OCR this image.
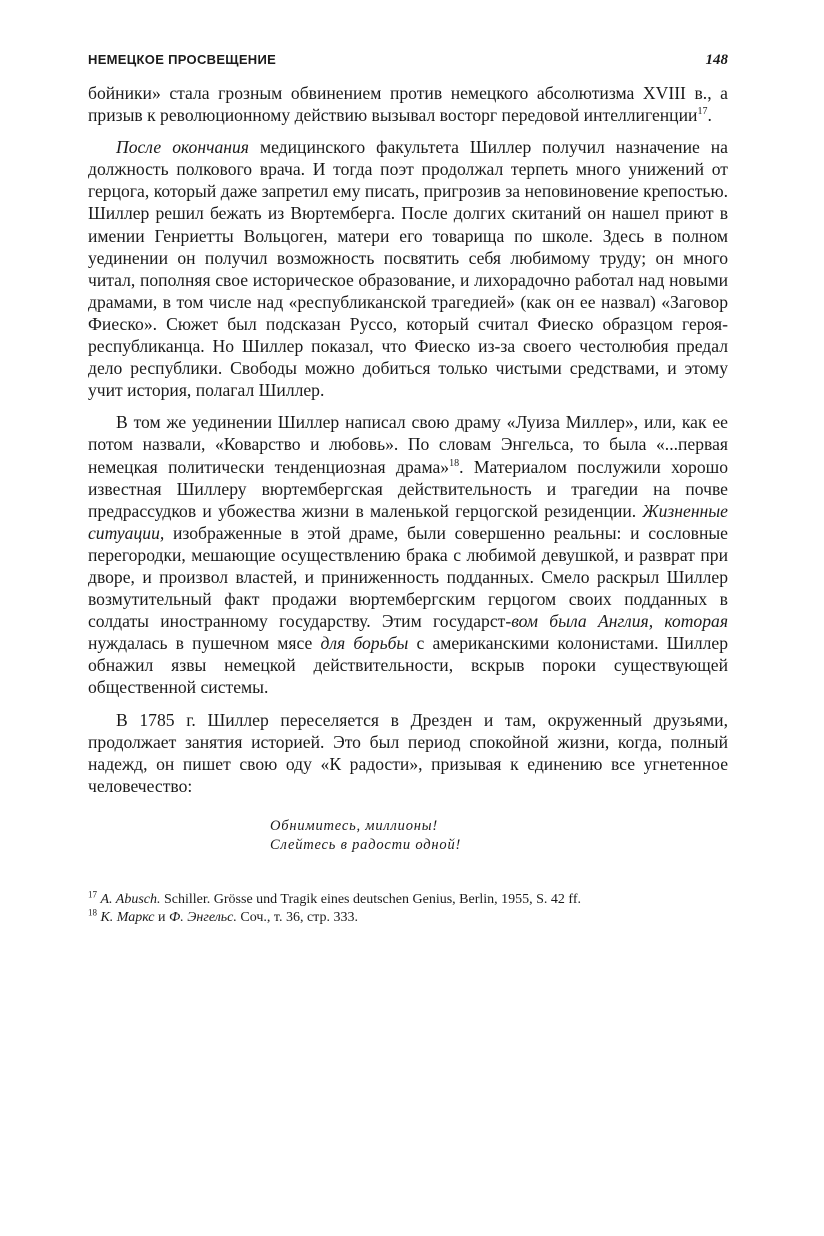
НЕМЕЦКОЕ ПРОСВЕЩЕНИЕ	148

бойники» стала грозным обвинением против немецкого абсолютизма XVIII в., а призыв к революционному действию вызывал восторг передовой интеллигенции$^{17}$.

После окончания медицинского факультета Шиллер получил назначение на должность полкового врача. И тогда поэт продолжал терпеть много унижений от герцога, который даже запретил ему писать, пригрозив за неповиновение крепостью. Шиллер решил бежать из Вюртемберга. После долгих скитаний он нашел приют в имении Генриетты Вольцоген, матери его товарища по школе. Здесь в полном уединении он получил возможность посвятить себя любимому труду; он много читал, пополняя свое историческое образование, и лихорадочно работал над новыми драмами, в том числе над «республиканской трагедией» (как он ее назвал) «Заговор Фиеско». Сюжет был подсказан Руссо, который считал Фиеско образцом героя-республиканца. Но Шиллер показал, что Фиеско из-за своего честолюбия предал дело республики. Свободы можно добиться только чистыми средствами, и этому учит история, полагал Шиллер.

В том же уединении Шиллер написал свою драму «Луиза Миллер», или, как ее потом назвали, «Коварство и любовь». По словам Энгельса, то была «...первая немецкая политически тенденциозная драма»$^{18}$. Материалом послужили хорошо известная Шиллеру вюртембергская действительность и трагедии на почве предрассудков и убожества жизни в маленькой герцогской резиденции. Жизненные ситуации, изображенные в этой драме, были совершенно реальны: и сословные перегородки, мешающие осуществлению брака с любимой девушкой, и разврат при дворе, и произвол властей, и приниженность подданных. Смело раскрыл Шиллер возмутительный факт продажи вюртембергским герцогом своих подданных в солдаты иностранному государству. Этим государст-вом была Англия, которая нуждалась в пушечном мясе для борьбы с американскими колонистами. Шиллер обнажил язвы немецкой действительности, вскрыв пороки существующей общественной системы.

В 1785 г. Шиллер переселяется в Дрезден и там, окруженный друзьями, продолжает занятия историей. Это был период спокойной жизни, когда, полный надежд, он пишет свою оду «К радости», призывая к единению все угнетенное человечество:

Обнимитесь, миллионы!
Слейтесь в радости одной!
$^{17}$ A. Abusch. Schiller. Grösse und Tragik eines deutschen Genius, Berlin, 1955, S. 42 ff.
$^{18}$ К. Маркс и Ф. Энгельс. Соч., т. 36, стр. 333.
